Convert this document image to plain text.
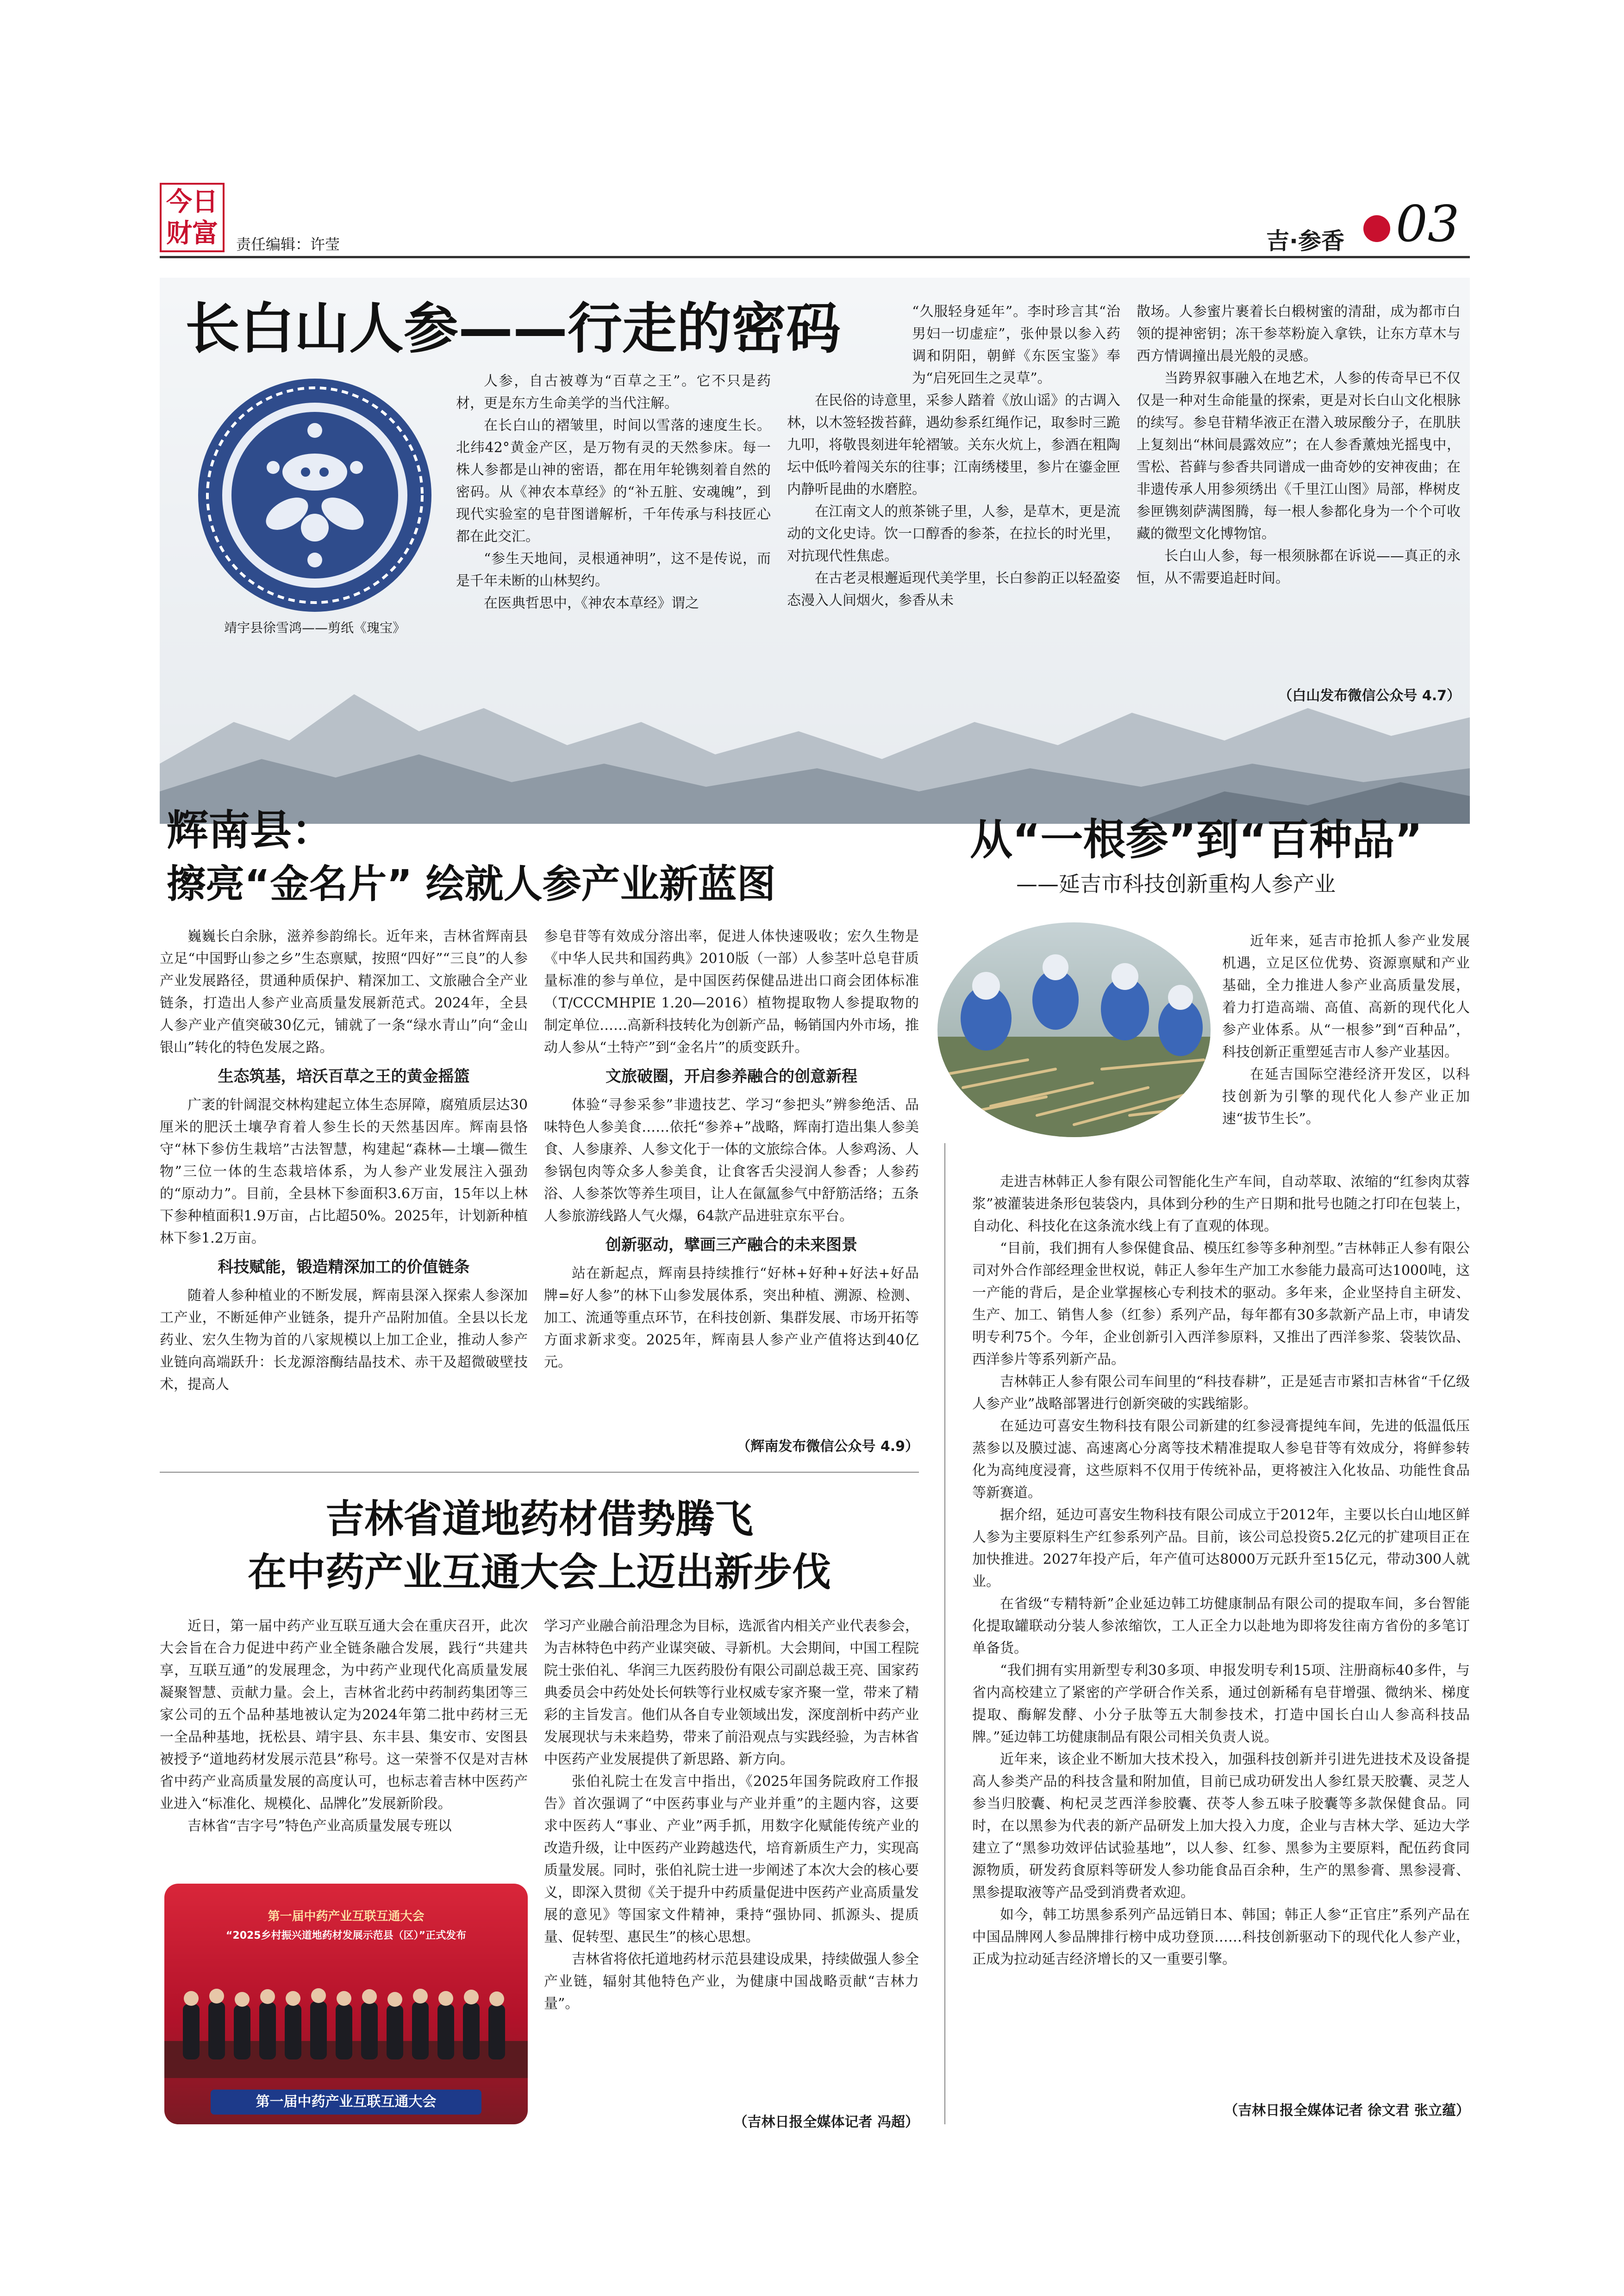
今日财富	责任编辑：许莹	吉·参香 03
长白山人参——行走的密码
靖宇县徐雪鸿——剪纸《瑰宝》

人参，自古被尊为“百草之王”。它不只是药材，更是东方生命美学的当代注解。

在长白山的褶皱里，时间以雪落的速度生长。北纬42°黄金产区，是万物有灵的天然参床。每一株人参都是山神的密语，都在用年轮镌刻着自然的密码。从《神农本草经》的“补五脏、安魂魄”，到现代实验室的皂苷图谱解析，千年传承与科技匠心都在此交汇。

“参生天地间，灵根通神明”，这不是传说，而是千年未断的山林契约。

在医典哲思中，《神农本草经》谓之

“久服轻身延年”。李时珍言其“治男妇一切虚症”，张仲景以参入药调和阴阳，朝鲜《东医宝鉴》奉为“启死回生之灵草”。

在民俗的诗意里，采参人踏着《放山谣》的古调入林，以木签轻拨苔藓，遇幼参系红绳作记，取参时三跪九叩，将敬畏刻进年轮褶皱。关东火炕上，参酒在粗陶坛中低吟着闯关东的往事；江南绣楼里，参片在鎏金匣内静听昆曲的水磨腔。

在江南文人的煎茶铫子里，人参，是草木，更是流动的文化史诗。饮一口醇香的参茶，在拉长的时光里，对抗现代性焦虑。

在古老灵根邂逅现代美学里，长白参韵正以轻盈姿态漫入人间烟火，参香从未

散场。人参蜜片裹着长白椴树蜜的清甜，成为都市白领的提神密钥；冻干参萃粉旋入拿铁，让东方草木与西方情调撞出晨光般的灵感。

当跨界叙事融入在地艺术，人参的传奇早已不仅仅是一种对生命能量的探索，更是对长白山文化根脉的续写。参皂苷精华液正在潜入玻尿酸分子，在肌肤上复刻出“林间晨露效应”；在人参香薰烛光摇曳中，雪松、苔藓与参香共同谱成一曲奇妙的安神夜曲；在非遗传承人用参须绣出《千里江山图》局部，桦树皮参匣镌刻萨满图腾，每一根人参都化身为一个个可收藏的微型文化博物馆。

长白山人参，每一根须脉都在诉说——真正的永恒，从不需要追赶时间。

（白山发布微信公众号 4.7）
辉南县：
擦亮“金名片” 绘就人参产业新蓝图

巍巍长白余脉，滋养参韵绵长。近年来，吉林省辉南县立足“中国野山参之乡”生态禀赋，按照“四好”“三良”的人参产业发展路径，贯通种质保护、精深加工、文旅融合全产业链条，打造出人参产业高质量发展新范式。2024年，全县人参产业产值突破30亿元，铺就了一条“绿水青山”向“金山银山”转化的特色发展之路。

生态筑基，培沃百草之王的黄金摇篮

广袤的针阔混交林构建起立体生态屏障，腐殖质层达30厘米的肥沃土壤孕育着人参生长的天然基因库。辉南县恪守“林下参仿生栽培”古法智慧，构建起“森林—土壤—微生物”三位一体的生态栽培体系，为人参产业发展注入强劲的“原动力”。目前，全县林下参面积3.6万亩，15年以上林下参种植面积1.9万亩，占比超50%。2025年，计划新种植林下参1.2万亩。

科技赋能，锻造精深加工的价值链条

随着人参种植业的不断发展，辉南县深入探索人参深加工产业，不断延伸产业链条，提升产品附加值。全县以长龙药业、宏久生物为首的八家规模以上加工企业，推动人参产业链向高端跃升：长龙源溶酶结晶技术、赤干及超微破壁技术，提高人

参皂苷等有效成分溶出率，促进人体快速吸收；宏久生物是《中华人民共和国药典》2010版（一部）人参茎叶总皂苷质量标准的参与单位，是中国医药保健品进出口商会团体标准（T/CCCMHPIE 1.20—2016）植物提取物人参提取物的制定单位……高新科技转化为创新产品，畅销国内外市场，推动人参从“土特产”到“金名片”的质变跃升。

文旅破圈，开启参养融合的创意新程

体验“寻参采参”非遗技艺、学习“参把头”辨参绝活、品味特色人参美食……依托“参养+”战略，辉南打造出集人参美食、人参康养、人参文化于一体的文旅综合体。人参鸡汤、人参锅包肉等众多人参美食，让食客舌尖浸润人参香；人参药浴、人参茶饮等养生项目，让人在氤氲参气中舒筋活络；五条人参旅游线路人气火爆，64款产品进驻京东平台。

创新驱动，擘画三产融合的未来图景

站在新起点，辉南县持续推行“好林+好种+好法+好品牌=好人参”的林下山参发展体系，突出种植、溯源、检测、加工、流通等重点环节，在科技创新、集群发展、市场开拓等方面求新求变。2025年，辉南县人参产业产值将达到40亿元。

（辉南发布微信公众号 4.9）
从“一根参”到“百种品”
——延吉市科技创新重构人参产业

近年来，延吉市抢抓人参产业发展机遇，立足区位优势、资源禀赋和产业基础，全力推进人参产业高质量发展，着力打造高端、高值、高新的现代化人参产业体系。从“一根参”到“百种品”，科技创新正重塑延吉市人参产业基因。

在延吉国际空港经济开发区，以科技创新为引擎的现代化人参产业正加速“拔节生长”。

走进吉林韩正人参有限公司智能化生产车间，自动萃取、浓缩的“红参肉苁蓉浆”被灌装进条形包装袋内，具体到分秒的生产日期和批号也随之打印在包装上，自动化、科技化在这条流水线上有了直观的体现。

“目前，我们拥有人参保健食品、模压红参等多种剂型。”吉林韩正人参有限公司对外合作部经理金世权说，韩正人参年生产加工水参能力最高可达1000吨，这一产能的背后，是企业掌握核心专利技术的驱动。多年来，企业坚持自主研发、生产、加工、销售人参（红参）系列产品，每年都有30多款新产品上市，申请发明专利75个。今年，企业创新引入西洋参原料，又推出了西洋参浆、袋装饮品、西洋参片等系列新产品。

吉林韩正人参有限公司车间里的“科技春耕”，正是延吉市紧扣吉林省“千亿级人参产业”战略部署进行创新突破的实践缩影。

在延边可喜安生物科技有限公司新建的红参浸膏提纯车间，先进的低温低压蒸参以及膜过滤、高速离心分离等技术精准提取人参皂苷等有效成分，将鲜参转化为高纯度浸膏，这些原料不仅用于传统补品，更将被注入化妆品、功能性食品等新赛道。

据介绍，延边可喜安生物科技有限公司成立于2012年，主要以长白山地区鲜人参为主要原料生产红参系列产品。目前，该公司总投资5.2亿元的扩建项目正在加快推进。2027年投产后，年产值可达8000万元跃升至15亿元，带动300人就业。

在省级“专精特新”企业延边韩工坊健康制品有限公司的提取车间，多台智能化提取罐联动分装人参浓缩饮，工人正全力以赴地为即将发往南方省份的多笔订单备货。

“我们拥有实用新型专利30多项、申报发明专利15项、注册商标40多件，与省内高校建立了紧密的产学研合作关系，通过创新稀有皂苷增强、微纳米、梯度提取、酶解发酵、小分子肽等五大制参技术，打造中国长白山人参高科技品牌。”延边韩工坊健康制品有限公司相关负责人说。

近年来，该企业不断加大技术投入，加强科技创新并引进先进技术及设备提高人参类产品的科技含量和附加值，目前已成功研发出人参红景天胶囊、灵芝人参当归胶囊、枸杞灵芝西洋参胶囊、茯苓人参五味子胶囊等多款保健食品。同时，在以黑参为代表的新产品研发上加大投入力度，企业与吉林大学、延边大学建立了“黑参功效评估试验基地”，以人参、红参、黑参为主要原料，配伍药食同源物质，研发药食原料等研发人参功能食品百余种，生产的黑参膏、黑参浸膏、黑参提取液等产品受到消费者欢迎。

如今，韩工坊黑参系列产品远销日本、韩国；韩正人参“正官庄”系列产品在中国品牌网人参品牌排行榜中成功登顶……科技创新驱动下的现代化人参产业，正成为拉动延吉经济增长的又一重要引擎。

（吉林日报全媒体记者 徐文君 张立蕴）
吉林省道地药材借势腾飞
在中药产业互通大会上迈出新步伐

近日，第一届中药产业互联互通大会在重庆召开，此次大会旨在合力促进中药产业全链条融合发展，践行“共建共享，互联互通”的发展理念，为中药产业现代化高质量发展凝聚智慧、贡献力量。会上，吉林省北药中药制药集团等三家公司的五个品种基地被认定为2024年第二批中药材三无一全品种基地，抚松县、靖宇县、东丰县、集安市、安图县被授予“道地药材发展示范县”称号。这一荣誉不仅是对吉林省中药产业高质量发展的高度认可，也标志着吉林中医药产业进入“标准化、规模化、品牌化”发展新阶段。

吉林省“吉字号”特色产业高质量发展专班以

第一届中药产业互联互通大会
“2025乡村振兴道地药材发展示范县（区）”正式发布
第一届中药产业互联互通大会

学习产业融合前沿理念为目标，选派省内相关产业代表参会，为吉林特色中药产业谋突破、寻新机。大会期间，中国工程院院士张伯礼、华润三九医药股份有限公司副总裁王亮、国家药典委员会中药处处长何轶等行业权威专家齐聚一堂，带来了精彩的主旨发言。他们从各自专业领域出发，深度剖析中药产业发展现状与未来趋势，带来了前沿观点与实践经验，为吉林省中医药产业发展提供了新思路、新方向。

张伯礼院士在发言中指出，《2025年国务院政府工作报告》首次强调了“中医药事业与产业并重”的主题内容，这要求中医药人“事业、产业”两手抓，用数字化赋能传统产业的改造升级，让中医药产业跨越迭代，培育新质生产力，实现高质量发展。同时，张伯礼院士进一步阐述了本次大会的核心要义，即深入贯彻《关于提升中药质量促进中医药产业高质量发展的意见》等国家文件精神，秉持“强协同、抓源头、提质量、促转型、惠民生”的核心思想。

吉林省将依托道地药材示范县建设成果，持续做强人参全产业链，辐射其他特色产业，为健康中国战略贡献“吉林力量”。

（吉林日报全媒体记者 冯超）
